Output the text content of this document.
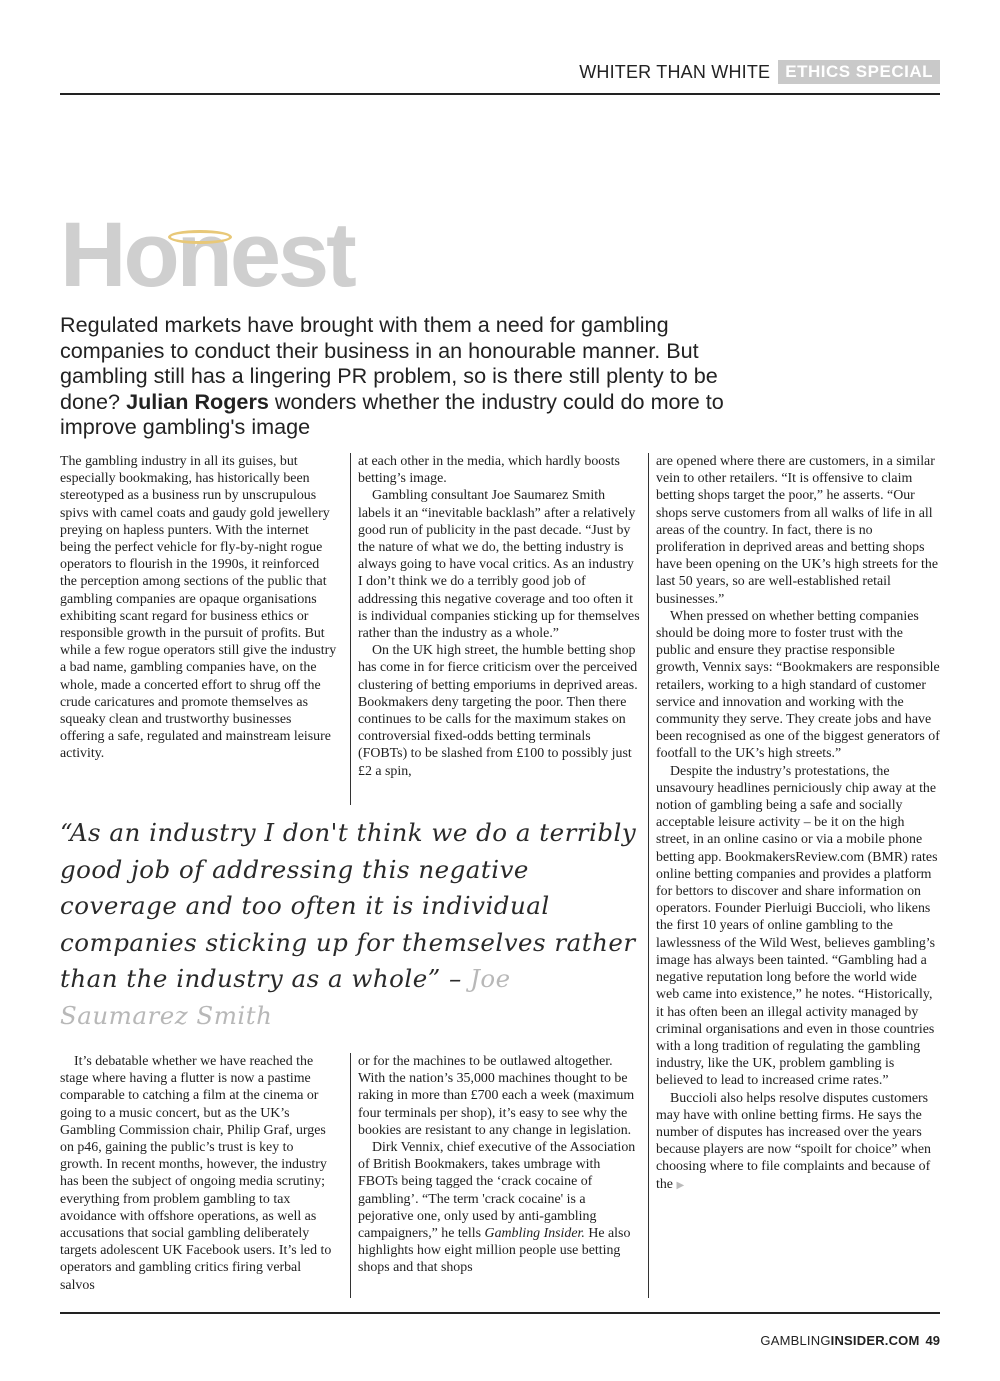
WHITER THAN WHITE ETHICS SPECIAL
Honest
Regulated markets have brought with them a need for gambling companies to conduct their business in an honourable manner. But gambling still has a lingering PR problem, so is there still plenty to be done? Julian Rogers wonders whether the industry could do more to improve gambling's image

The gambling industry in all its guises, but especially bookmaking, has historically been stereotyped as a business run by unscrupulous spivs with camel coats and gaudy gold jewellery preying on hapless punters. With the internet being the perfect vehicle for fly-by-night rogue operators to flourish in the 1990s, it reinforced the perception among sections of the public that gambling companies are opaque organisations exhibiting scant regard for business ethics or responsible growth in the pursuit of profits. But while a few rogue operators still give the industry a bad name, gambling companies have, on the whole, made a concerted effort to shrug off the crude caricatures and promote themselves as squeaky clean and trustworthy businesses offering a safe, regulated and mainstream leisure activity.

at each other in the media, which hardly boosts betting’s image.

Gambling consultant Joe Saumarez Smith labels it an “inevitable backlash” after a relatively good run of publicity in the past decade. “Just by the nature of what we do, the betting industry is always going to have vocal critics. As an industry I don’t think we do a terribly good job of addressing this negative coverage and too often it is individual companies sticking up for themselves rather than the industry as a whole.”

On the UK high street, the humble betting shop has come in for fierce criticism over the perceived clustering of betting emporiums in deprived areas. Bookmakers deny targeting the poor. Then there continues to be calls for the maximum stakes on controversial fixed-odds betting terminals (FOBTs) to be slashed from £100 to possibly just £2 a spin,

are opened where there are customers, in a similar vein to other retailers. “It is offensive to claim betting shops target the poor,” he asserts. “Our shops serve customers from all walks of life in all areas of the country. In fact, there is no proliferation in deprived areas and betting shops have been opening on the UK’s high streets for the last 50 years, so are well-established retail businesses.”

When pressed on whether betting companies should be doing more to foster trust with the public and ensure they practise responsible growth, Vennix says: “Bookmakers are responsible retailers, working to a high standard of customer service and innovation and working with the community they serve. They create jobs and have been recognised as one of the biggest generators of footfall to the UK’s high streets.”

Despite the industry’s protestations, the unsavoury headlines perniciously chip away at the notion of gambling being a safe and socially acceptable leisure activity – be it on the high street, in an online casino or via a mobile phone betting app. BookmakersReview.com (BMR) rates online betting companies and provides a platform for bettors to discover and share information on operators. Founder Pierluigi Buccioli, who likens the first 10 years of online gambling to the lawlessness of the Wild West, believes gambling’s image has always been tainted. “Gambling had a negative reputation long before the world wide web came into existence,” he notes. “Historically, it has often been an illegal activity managed by criminal organisations and even in those countries with a long tradition of regulating the gambling industry, like the UK, problem gambling is believed to lead to increased crime rates.”

Buccioli also helps resolve disputes customers may have with online betting firms. He says the number of disputes has increased over the years because players are now “spoilt for choice” when choosing where to file complaints and because of the ▶

“As an industry I don't think we do a terribly good job of addressing this negative coverage and too often it is individual companies sticking up for themselves rather than the industry as a whole” – Joe Saumarez Smith

It’s debatable whether we have reached the stage where having a flutter is now a pastime comparable to catching a film at the cinema or going to a music concert, but as the UK’s Gambling Commission chair, Philip Graf, urges on p46, gaining the public’s trust is key to growth. In recent months, however, the industry has been the subject of ongoing media scrutiny; everything from problem gambling to tax avoidance with offshore operations, as well as accusations that social gambling deliberately targets adolescent UK Facebook users. It’s led to operators and gambling critics firing verbal salvos

or for the machines to be outlawed altogether. With the nation’s 35,000 machines thought to be raking in more than £700 each a week (maximum four terminals per shop), it’s easy to see why the bookies are resistant to any change in legislation.

Dirk Vennix, chief executive of the Association of British Bookmakers, takes umbrage with FBOTs being tagged the ‘crack cocaine of gambling’. “The term 'crack cocaine' is a pejorative one, only used by anti-gambling campaigners,” he tells Gambling Insider. He also highlights how eight million people use betting shops and that shops

GAMBLINGINSIDER.COM 49
